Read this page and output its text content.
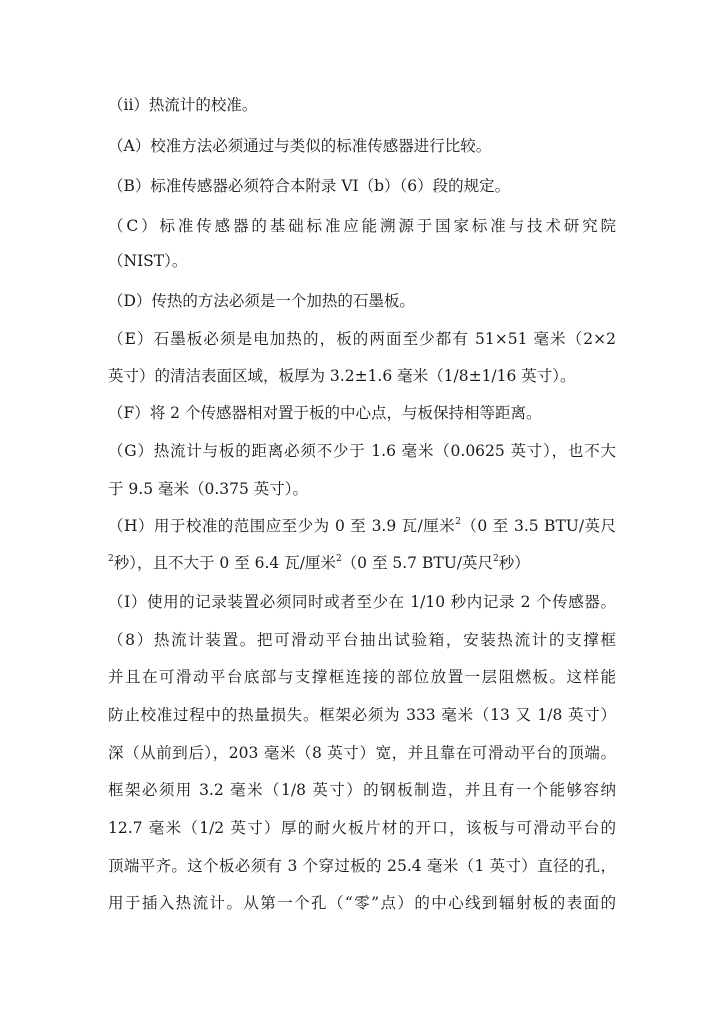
（ii）热流计的校准。
（A）校准方法必须通过与类似的标准传感器进行比较。
（B）标准传感器必须符合本附录 VI（b）（6）段的规定。
（C）标准传感器的基础标准应能溯源于国家标准与技术研究院
（NIST）。
（D）传热的方法必须是一个加热的石墨板。
（E）石墨板必须是电加热的，板的两面至少都有 51×51 毫米（2×2
英寸）的清洁表面区域，板厚为 3.2±1.6 毫米（1/8±1/16 英寸）。
（F）将 2 个传感器相对置于板的中心点，与板保持相等距离。
（G）热流计与板的距离必须不少于 1.6 毫米（0.0625 英寸），也不大
于 9.5 毫米（0.375 英寸）。
（H）用于校准的范围应至少为 0 至 3.9 瓦/厘米$^2$（0 至 3.5 BTU/英尺
$^2$秒），且不大于 0 至 6.4 瓦/厘米$^2$（0 至 5.7 BTU/英尺$^2$秒）
（I）使用的记录装置必须同时或者至少在 1/10 秒内记录 2 个传感器。
（8）热流计装置。把可滑动平台抽出试验箱，安装热流计的支撑框
并且在可滑动平台底部与支撑框连接的部位放置一层阻燃板。这样能
防止校准过程中的热量损失。框架必须为 333 毫米（13 又 1/8 英寸）
深（从前到后），203 毫米（8 英寸）宽，并且靠在可滑动平台的顶端。
框架必须用 3.2 毫米（1/8 英寸）的钢板制造，并且有一个能够容纳
12.7 毫米（1/2 英寸）厚的耐火板片材的开口，该板与可滑动平台的
顶端平齐。这个板必须有 3 个穿过板的 25.4 毫米（1 英寸）直径的孔，
用于插入热流计。从第一个孔（“零”点）的中心线到辐射板的表面的
